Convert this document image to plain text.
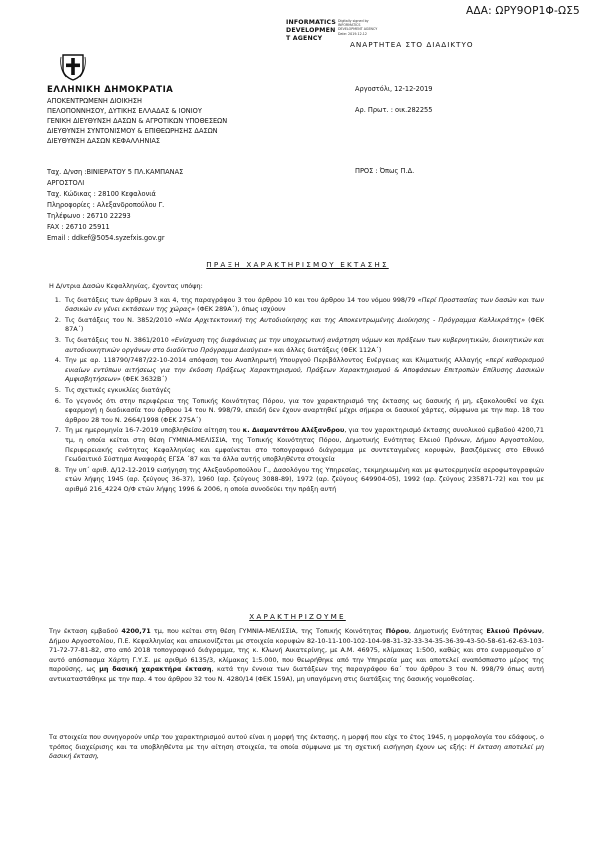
ΑΔΑ: ΩΡΥ9ΟΡ1Φ-ΩΣ5
INFORMATICS
DEVELOPMEN
T AGENCY
Digitally signed by
INFORMATICS
DEVELOPMENT AGENCY
Date: 2019.12.12
ΑΝΑΡΤΗΤΕΑ ΣΤΟ ΔΙΑΔΙΚΤΥΟ
ΕΛΛΗΝΙΚΗ ΔΗΜΟΚΡΑΤΙΑ
ΑΠΟΚΕΝΤΡΩΜΕΝΗ ΔΙΟΙΚΗΣΗ
ΠΕΛΟΠΟΝΝΗΣΟΥ, ΔΥΤΙΚΗΣ ΕΛΛΑΔΑΣ & ΙΟΝΙΟΥ
ΓΕΝΙΚΗ ΔΙΕΥΘΥΝΣΗ ΔΑΣΩΝ & ΑΓΡΟΤΙΚΩΝ ΥΠΟΘΕΣΕΩΝ
ΔΙΕΥΘΥΝΣΗ ΣΥΝΤΟΝΙΣΜΟΥ & ΕΠΙΘΕΩΡΗΣΗΣ ΔΑΣΩΝ
ΔΙΕΥΘΥΝΣΗ ΔΑΣΩΝ ΚΕΦΑΛΛΗΝΙΑΣ
Αργοστόλι, 12-12-2019
Αρ. Πρωτ. : οικ.282255
Ταχ. Δ/νση :ΒΙΝΙΕΡΑΤΟΥ 5 ΠΛ.ΚΑΜΠΑΝΑΣ
ΑΡΓΟΣΤΟΛΙ
Ταχ. Κώδικας : 28100 Κεφαλονιά
Πληροφορίες : Αλεξανδροπούλου Γ.
Τηλέφωνο : 26710 22293
FAX : 26710 25911
Email : ddkef@5054.syzefxis.gov.gr
ΠΡΟΣ : Όπως Π.Δ.
ΠΡΑΞΗ ΧΑΡΑΚΤΗΡΙΣΜΟΥ ΕΚΤΑΣΗΣ

Η Δ/ντρια Δασών Κεφαλληνίας, έχοντας υπόψη:

1. Τις διατάξεις των άρθρων 3 και 4, της παραγράφου 3 του άρθρου 10 και του άρθρου 14 του νόμου 998/79 «Περί Προστασίας των δασών και των δασικών εν γένει εκτάσεων της χώρας» (ΦΕΚ 289Α΄), όπως ισχύουν
2. Τις διατάξεις του Ν. 3852/2010 «Νέα Αρχιτεκτονική της Αυτοδιοίκησης και της Αποκεντρωμένης Διοίκησης - Πρόγραμμα Καλλικράτης» (ΦΕΚ 87Α΄)
3. Τις διατάξεις του Ν. 3861/2010 «Ενίσχυση της διαφάνειας με την υποχρεωτική ανάρτηση νόμων και πράξεων των κυβερνητικών, διοικητικών και αυτοδιοικητικών οργάνων στο διαδίκτυο Πρόγραμμα Διαύγεια» και άλλες διατάξεις (ΦΕΚ 112Α΄)
4. Την με αρ. 118790/7487/22-10-2014 απόφαση του Αναπληρωτή Υπουργού Περιβάλλοντος Ενέργειας και Κλιματικής Αλλαγής «περί καθορισμού ενιαίων εντύπων αιτήσεως για την έκδοση Πράξεως Χαρακτηρισμού, Πράξεων Χαρακτηρισμού & Αποφάσεων Επιτροπών Επίλυσης Δασικών Αμφισβητήσεων» (ΦΕΚ 3632Β΄)
5. Τις σχετικές εγκυκλίες διατάγές
6. Το γεγονός ότι στην περιφέρεια της Τοπικής Κοινότητας Πόρου, για τον χαρακτηρισμό της έκτασης ως δασικής ή μη, εξακολουθεί να έχει εφαρμογή η διαδικασία του άρθρου 14 του Ν. 998/79, επειδή δεν έχουν αναρτηθεί μέχρι σήμερα οι δασικοί χάρτες, σύμφωνα με την παρ. 18 του άρθρου 28 του Ν. 2664/1998 (ΦΕΚ 275Α΄)
7. Τη με ημερομηνία 16-7-2019 υποβληθείσα αίτηση του κ. Διαμαντάτου Αλέξανδρου, για τον χαρακτηρισμό έκτασης συνολικού εμβαδού 4200,71 τμ, η οποία κείται στη θέση ΓΥΜΝΙΑ-ΜΕΛΙΣΣΙΑ, της Τοπικής Κοινότητας Πόρου, Δημοτικής Ενότητας Ελειού Πρόνων, Δήμου Αργοστολίου, Περιφερειακής ενότητας Κεφαλληνίας και εμφαίνεται στο τοπογραφικό διάγραμμα με συντεταγμένες κορυφών, βασιζόμενες στο Εθνικό Γεωδαιτικό Σύστημα Αναφοράς ΕΓΣΑ ΄87 και τα άλλα αυτής υποβληθέντα στοιχεία
8. Την υπ΄ αριθ. Δ/12-12-2019 εισήγηση της Αλεξανδροπούλου Γ., Δασολόγου της Υπηρεσίας, τεκμηριωμένη και με φωτοερμηνεία αεροφωτογραφιών ετών λήψης 1945 (αρ. ζεύγους 36-37), 1960 (αρ. ζεύγους 3088-89), 1972 (αρ. ζεύγους 649904-05), 1992 (αρ. ζεύγους 235871-72) και του με αριθμό 216_4224 Ο/Φ ετών λήψης 1996 & 2006, η οποία συνοδεύει την πράξη αυτή
ΧΑΡΑΚΤΗΡΙΖΟΥΜΕ
Την έκταση εμβαδού 4200,71 τμ, που κείται στη θέση ΓΥΜΝΙΑ-ΜΕΛΙΣΣΙΑ, της Τοπικής Κοινότητας Πόρου, Δημοτικής Ενότητας Ελειού Πρόνων, Δήμου Αργοστολίου, Π.Ε. Κεφαλληνίας και απεικονίζεται με στοιχεία κορυφών 82-10-11-100-102-104-98-31-32-33-34-35-36-39-43-50-58-61-62-63-103-71-72-77-81-82, στο από 2018 τοπογραφικό διάγραμμα, της κ. Κλωνή Αικατερίνης, με Α.Μ. 46975, κλίμακας 1:500, καθώς και στο εναρμοσμένο σ΄ αυτό απόσπασμα Χάρτη Γ.Υ.Σ. με αριθμό 6135/3, κλίμακας 1:5.000, που θεωρήθηκε από την Υπηρεσία μας και αποτελεί αναπόσπαστο μέρος της παρούσης, ως μη δασική χαρακτήρα έκταση, κατά την έννοια των διατάξεων της παραγράφου 6α΄ του άρθρου 3 του Ν. 998/79 όπως αυτή αντικαταστάθηκε με την παρ. 4 του άρθρου 32 του Ν. 4280/14 (ΦΕΚ 159Α), μη υπαγόμενη στις διατάξεις της δασικής νομοθεσίας.
Τα στοιχεία που συνηγορούν υπέρ του χαρακτηρισμού αυτού είναι η μορφή της έκτασης, η μορφή που είχε το έτος 1945, η μορφολογία του εδάφους, ο τρόπος διαχείρισης και τα υποβληθέντα με την αίτηση στοιχεία, τα οποία σύμφωνα με τη σχετική εισήγηση έχουν ως εξής: Η έκταση αποτελεί μη δασική έκταση,
